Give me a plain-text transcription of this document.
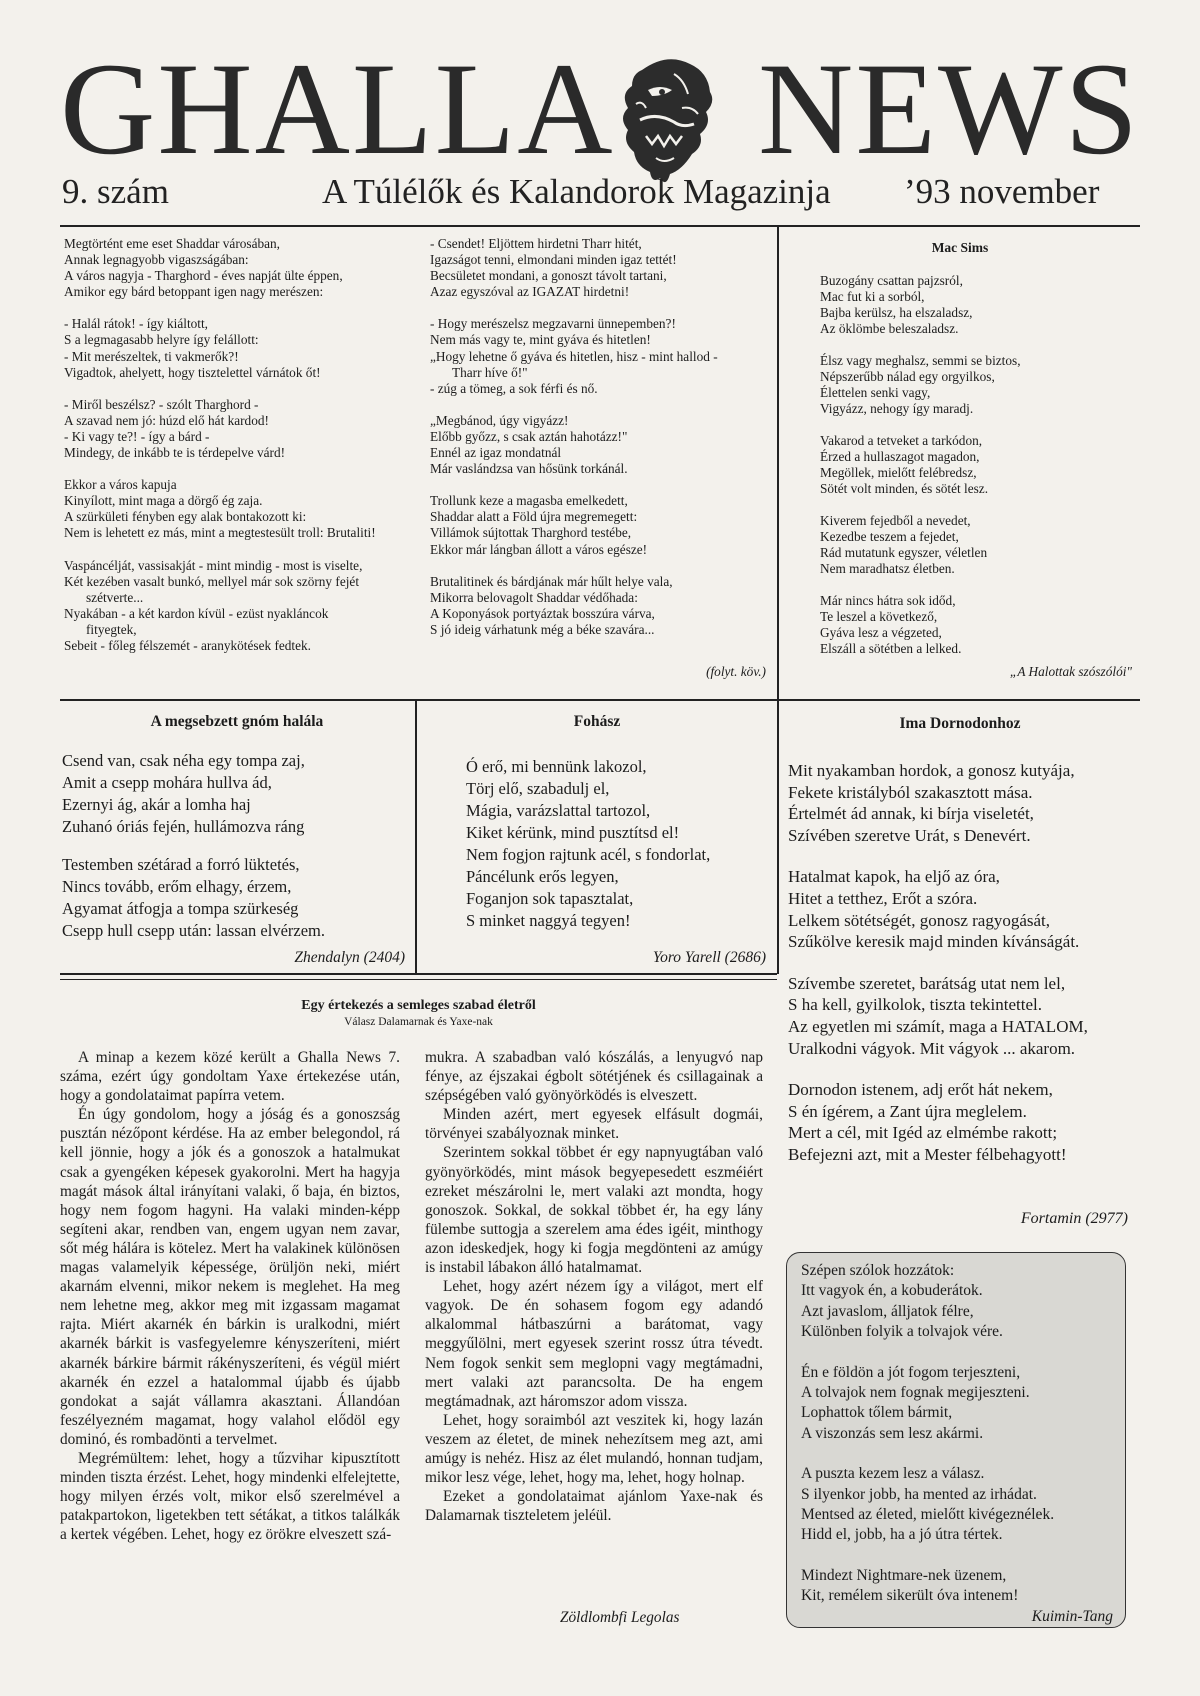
GHALLA NEWS
9. szám	A Túlélők és Kalandorok Magazinja ’93 november

Megtörtént eme eset Shaddar városában,
Annak legnagyobb vigaszságában:
A város nagyja - Tharghord - éves napját ülte éppen,
Amikor egy bárd betoppant igen nagy merészen:

- Halál rátok! - így kiáltott,
S a legmagasabb helyre így felállott:
- Mit merészeltek, ti vakmerők?!
Vigadtok, ahelyett, hogy tisztelettel várnátok őt!

- Miről beszélsz? - szólt Tharghord -
A szavad nem jó: húzd elő hát kardod!
- Ki vagy te?! - így a bárd -
Mindegy, de inkább te is térdepelve várd!

Ekkor a város kapuja
Kinyílott, mint maga a dörgő ég zaja.
A szürkületi fényben egy alak bontakozott ki:
Nem is lehetett ez más, mint a megtestesült troll: Brutaliti!

Vaspáncélját, vassisakját - mint mindig - most is viselte,
Két kezében vasalt bunkó, mellyel már sok szörny fejét
szétverte...
Nyakában - a két kardon kívül - ezüst nyakláncok
fityegtek,
Sebeit - főleg félszemét - aranykötések fedtek.

- Csendet! Eljöttem hirdetni Tharr hitét,
Igazságot tenni, elmondani minden igaz tettét!
Becsületet mondani, a gonoszt távolt tartani,
Azaz egyszóval az IGAZAT hirdetni!

- Hogy merészelsz megzavarni ünnepemben?!
Nem más vagy te, mint gyáva és hitetlen!
„Hogy lehetne ő gyáva és hitetlen, hisz - mint hallod -
Tharr híve ő!"
- zúg a tömeg, a sok férfi és nő.

„Megbánod, úgy vigyázz!
Előbb győzz, s csak aztán hahotázz!"
Ennél az igaz mondatnál
Már vaslándzsa van hősünk torkánál.

Trollunk keze a magasba emelkedett,
Shaddar alatt a Föld újra megremegett:
Villámok sújtottak Tharghord testébe,
Ekkor már lángban állott a város egésze!

Brutalitinek és bárdjának már hűlt helye vala,
Mikorra belovagolt Shaddar védőhada:
A Koponyások portyáztak bosszúra várva,
S jó ideig várhatunk még a béke szavára...

(folyt. köv.)
Mac Sims

Buzogány csattan pajzsról,
Mac fut ki a sorból,
Bajba kerülsz, ha elszaladsz,
Az öklömbe beleszaladsz.

Élsz vagy meghalsz, semmi se biztos,
Népszerűbb nálad egy orgyilkos,
Élettelen senki vagy,
Vigyázz, nehogy így maradj.

Vakarod a tetveket a tarkódon,
Érzed a hullaszagot magadon,
Megöllek, mielőtt felébredsz,
Sötét volt minden, és sötét lesz.

Kiverem fejedből a nevedet,
Kezedbe teszem a fejedet,
Rád mutatunk egyszer, véletlen
Nem maradhatsz életben.

Már nincs hátra sok időd,
Te leszel a következő,
Gyáva lesz a végzeted,
Elszáll a sötétben a lelked.

„A Halottak szószólói"
A megsebzett gnóm halála

Csend van, csak néha egy tompa zaj,
Amit a csepp mohára hullva ád,
Ezernyi ág, akár a lomha haj
Zuhanó óriás fején, hullámozva ráng

Testemben szétárad a forró lüktetés,
Nincs tovább, erőm elhagy, érzem,
Agyamat átfogja a tompa szürkeség
Csepp hull csepp után: lassan elvérzem.

Zhendalyn (2404)
Fohász
Ó erő, mi bennünk lakozol,
Törj elő, szabadulj el,
Mágia, varázslattal tartozol,
Kiket kérünk, mind pusztítsd el!
Nem fogjon rajtunk acél, s fondorlat,
Páncélunk erős legyen,
Foganjon sok tapasztalat,
S minket naggyá tegyen!
Yoro Yarell (2686)
Ima Dornodonhoz

Mit nyakamban hordok, a gonosz kutyája,
Fekete kristályból szakasztott mása.
Értelmét ád annak, ki bírja viseletét,
Szívében szeretve Urát, s Denevért.

Hatalmat kapok, ha eljő az óra,
Hitet a tetthez, Erőt a szóra.
Lelkem sötétségét, gonosz ragyogását,
Szűkölve keresik majd minden kívánságát.

Szívembe szeretet, barátság utat nem lel,
S ha kell, gyilkolok, tiszta tekintettel.
Az egyetlen mi számít, maga a HATALOM,
Uralkodni vágyok. Mit vágyok ... akarom.

Dornodon istenem, adj erőt hát nekem,
S én ígérem, a Zant újra meglelem.
Mert a cél, mit Igéd az elmémbe rakott;
Befejezni azt, mit a Mester félbehagyott!

Fortamin (2977)
Egy értekezés a semleges szabad életről
Válasz Dalamarnak és Yaxe-nak

A minap a kezem közé került a Ghalla News 7. száma, ezért úgy gondoltam Yaxe értekezése után, hogy a gondolataimat papírra vetem.

Én úgy gondolom, hogy a jóság és a gonoszság pusztán nézőpont kérdése. Ha az ember belegondol, rá kell jönnie, hogy a jók és a gonoszok a hatalmukat csak a gyengéken képesek gyakorolni. Mert ha hagyja magát mások által irányítani valaki, ő baja, én biztos, hogy nem fogom hagyni. Ha valaki minden-képp segíteni akar, rendben van, engem ugyan nem zavar, sőt még hálára is kötelez. Mert ha valakinek különösen magas valamelyik képessége, örüljön neki, miért akarnám elvenni, mikor nekem is meglehet. Ha meg nem lehetne meg, akkor meg mit izgassam magamat rajta. Miért akarnék én bárkin is uralkodni, miért akarnék bárkit is vasfegyelemre kényszeríteni, miért akarnék bárkire bármit rákényszeríteni, és végül miért akarnék én ezzel a hatalommal újabb és újabb gondokat a saját vállamra akasztani. Állandóan feszélyezném magamat, hogy valahol elődöl egy dominó, és rombadönti a tervelmet.

Megrémültem: lehet, hogy a tűzvihar kipusztított minden tiszta érzést. Lehet, hogy mindenki elfelejtette, hogy milyen érzés volt, mikor első szerelmével a patakpartokon, ligetekben tett sétákat, a titkos találkák a kertek végében. Lehet, hogy ez örökre elveszett szá-

mukra. A szabadban való kószálás, a lenyugvó nap fénye, az éjszakai égbolt sötétjének és csillagainak a szépségében való gyönyörködés is elveszett.

Minden azért, mert egyesek elfásult dogmái, törvényei szabályoznak minket.

Szerintem sokkal többet ér egy napnyugtában való gyönyörködés, mint mások begyepesedett eszméiért ezreket mészárolni le, mert valaki azt mondta, hogy gonoszok. Sokkal, de sokkal többet ér, ha egy lány fülembe suttogja a szerelem ama édes igéit, minthogy azon ideskedjek, hogy ki fogja megdönteni az amúgy is instabil lábakon álló hatalmamat.

Lehet, hogy azért nézem így a világot, mert elf vagyok. De én sohasem fogom egy adandó alkalommal hátbaszúrni a barátomat, vagy meggyűlölni, mert egyesek szerint rossz útra tévedt. Nem fogok senkit sem meglopni vagy megtámadni, mert valaki azt parancsolta. De ha engem megtámadnak, azt háromszor adom vissza.

Lehet, hogy soraimból azt veszitek ki, hogy lazán veszem az életet, de minek nehezítsem meg azt, ami amúgy is nehéz. Hisz az élet mulandó, honnan tudjam, mikor lesz vége, lehet, hogy ma, lehet, hogy holnap.

Ezeket a gondolataimat ajánlom Yaxe-nak és Dalamarnak tiszteletem jeléül.

Zöldlombfi Legolas

Szépen szólok hozzátok:
Itt vagyok én, a kobuderátok.
Azt javaslom, álljatok félre,
Különben folyik a tolvajok vére.

Én e földön a jót fogom terjeszteni,
A tolvajok nem fognak megijeszteni.
Lophattok tőlem bármit,
A viszonzás sem lesz akármi.

A puszta kezem lesz a válasz.
S ilyenkor jobb, ha mented az irhádat.
Mentsed az életed, mielőtt kivégeznélek.
Hidd el, jobb, ha a jó útra tértek.

Mindezt Nightmare-nek üzenem,
Kit, remélem sikerült óva intenem!

Kuimin-Tang
